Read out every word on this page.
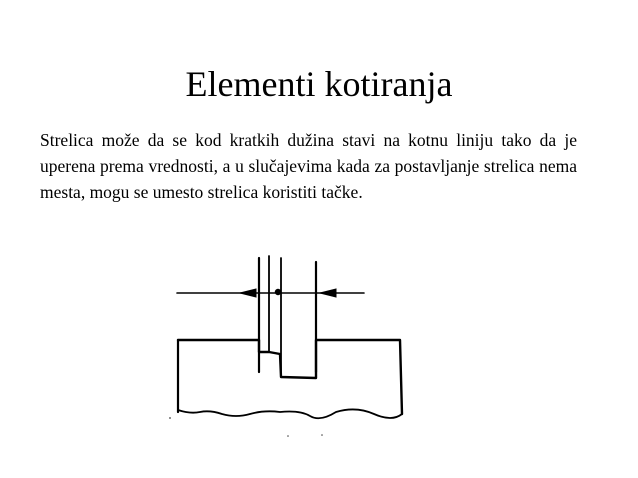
Elementi kotiranja

Strelica može da se kod kratkih dužina stavi na kotnu liniju tako da je uperena prema vrednosti, a u slučajevima kada za postavljanje strelica nema mesta, mogu se umesto strelica koristiti tačke.
